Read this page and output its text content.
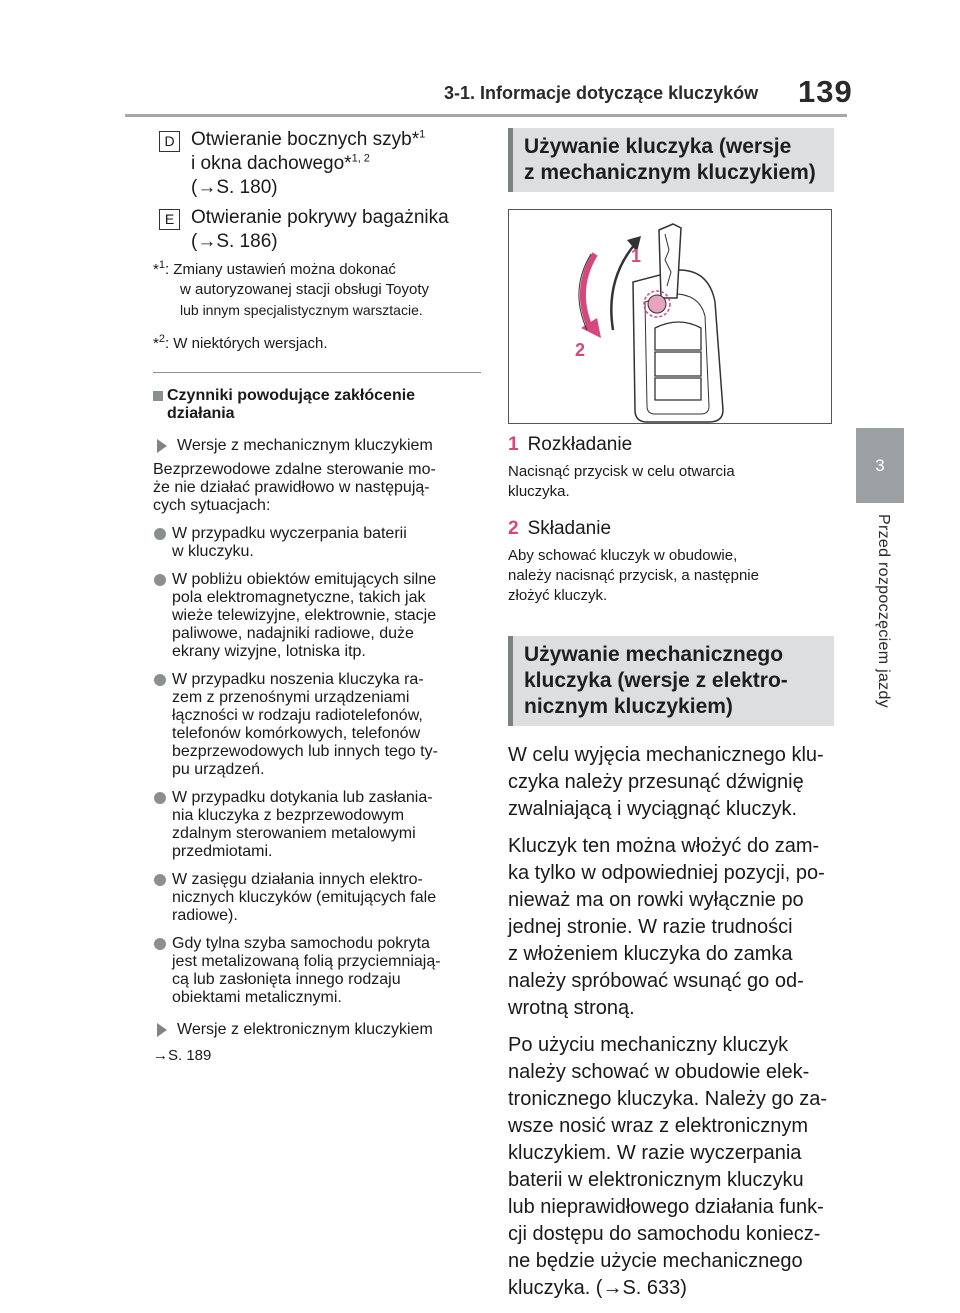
3-1. Informacje dotyczące kluczyków 139
3
Przed rozpoczęciem jazdy
D Otwieranie bocznych szyb*$^1$
i okna dachowego*$^{1, 2}$
(→S. 180)
E Otwieranie pokrywy bagażnika
(→S. 186)
*$^1$: Zmiany ustawień można dokonać
w autoryzowanej stacji obsługi Toyoty
lub innym specjalistycznym warsztacie.
*$^2$: W niektórych wersjach.
Czynniki powodujące zakłócenie
działania
Wersje z mechanicznym kluczykiem
Bezprzewodowe zdalne sterowanie mo-
że nie działać prawidłowo w następują-
cych sytuacjach:
W przypadku wyczerpania baterii
w kluczyku.
W pobliżu obiektów emitujących silne
pola elektromagnetyczne, takich jak
wieże telewizyjne, elektrownie, stacje
paliwowe, nadajniki radiowe, duże
ekrany wizyjne, lotniska itp.
W przypadku noszenia kluczyka ra-
zem z przenośnymi urządzeniami
łączności w rodzaju radiotelefonów,
telefonów komórkowych, telefonów
bezprzewodowych lub innych tego ty-
pu urządzeń.
W przypadku dotykania lub zasłania-
nia kluczyka z bezprzewodowym
zdalnym sterowaniem metalowymi
przedmiotami.
W zasięgu działania innych elektro-
nicznych kluczyków (emitujących fale
radiowe).
Gdy tylna szyba samochodu pokryta
jest metalizowaną folią przyciemniają-
cą lub zasłonięta innego rodzaju
obiektami metalicznymi.
Wersje z elektronicznym kluczykiem
→S. 189
Używanie kluczyka (wersje
z mechanicznym kluczykiem)
1
2
1 Rozkładanie
Nacisnąć przycisk w celu otwarcia
kluczyka.
2 Składanie
Aby schować kluczyk w obudowie,
należy nacisnąć przycisk, a następnie
złożyć kluczyk.
Używanie mechanicznego
kluczyka (wersje z elektro-
nicznym kluczykiem)
W celu wyjęcia mechanicznego klu-
czyka należy przesunąć dźwignię
zwalniającą i wyciągnąć kluczyk.
Kluczyk ten można włożyć do zam-
ka tylko w odpowiedniej pozycji, po-
nieważ ma on rowki wyłącznie po
jednej stronie. W razie trudności
z włożeniem kluczyka do zamka
należy spróbować wsunąć go od-
wrotną stroną.
Po użyciu mechaniczny kluczyk
należy schować w obudowie elek-
tronicznego kluczyka. Należy go za-
wsze nosić wraz z elektronicznym
kluczykiem. W razie wyczerpania
baterii w elektronicznym kluczyku
lub nieprawidłowego działania funk-
cji dostępu do samochodu koniecz-
ne będzie użycie mechanicznego
kluczyka. (→S. 633)
